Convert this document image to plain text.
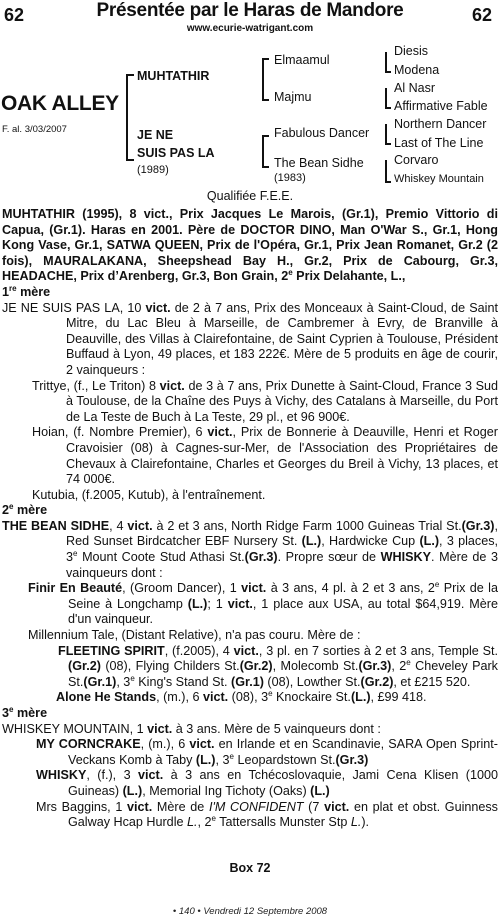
62	Présentée par le Haras de Mandore	62
www.ecurie-watrigant.com
OAK ALLEY
F. al. 3/03/2007
MUHTATHIR
JE NE
SUIS PAS LA
(1989)
Elmaamul
Majmu
Fabulous Dancer
The Bean Sidhe
(1983)
Diesis
Modena
Al Nasr
Affirmative Fable
Northern Dancer
Last of The Line
Corvaro
Whiskey Mountain
Qualifiée F.E.E.

MUHTATHIR (1995), 8 vict., Prix Jacques Le Marois, (Gr.1), Premio Vittorio di Capua, (Gr.1). Haras en 2001. Père de DOCTOR DINO, Man O'War S., Gr.1, Hong Kong Vase, Gr.1, SATWA QUEEN, Prix de l'Opéra, Gr.1, Prix Jean Romanet, Gr.2 (2 fois), MAURALAKANA, Sheepshead Bay H., Gr.2, Prix de Cabourg, Gr.3, HEADACHE, Prix d’Arenberg, Gr.3, Bon Grain, 2e Prix Delahante, L.,

1re mère

JE NE SUIS PAS LA, 10 vict. de 2 à 7 ans, Prix des Monceaux à Saint-Cloud, de Saint Mitre, du Lac Bleu à Marseille, de Cambremer à Evry, de Branville à Deauville, des Villas à Clairefontaine, de Saint Cyprien à Toulouse, Président Buffaud à Lyon, 49 places, et 183 222€. Mère de 5 produits en âge de courir, 2 vainqueurs :

Trittye, (f., Le Triton) 8 vict. de 3 à 7 ans, Prix Dunette à Saint-Cloud, France 3 Sud à Toulouse, de la Chaîne des Puys à Vichy, des Catalans à Marseille, du Port de La Teste de Buch à La Teste, 29 pl., et 96 900€.

Hoian, (f. Nombre Premier), 6 vict., Prix de Bonnerie à Deauville, Henri et Roger Cravoisier (08) à Cagnes-sur-Mer, de l'Association des Propriétaires de Chevaux à Clairefontaine, Charles et Georges du Breil à Vichy, 13 places, et 74 000€.

Kutubia, (f.2005, Kutub), à l'entraînement.

2e mère

THE BEAN SIDHE, 4 vict. à 2 et 3 ans, North Ridge Farm 1000 Guineas Trial St.(Gr.3), Red Sunset Birdcatcher EBF Nursery St. (L.), Hardwicke Cup (L.), 3 places, 3e Mount Coote Stud Athasi St.(Gr.3). Propre sœur de WHISKY. Mère de 3 vainqueurs dont :

Finir En Beauté, (Groom Dancer), 1 vict. à 3 ans, 4 pl. à 2 et 3 ans, 2e Prix de la Seine à Longchamp (L.); 1 vict., 1 place aux USA, au total $64,919. Mère d'un vainqueur.

Millennium Tale, (Distant Relative), n'a pas couru. Mère de :

FLEETING SPIRIT, (f.2005), 4 vict., 3 pl. en 7 sorties à 2 et 3 ans, Temple St. (Gr.2) (08), Flying Childers St.(Gr.2), Molecomb St.(Gr.3), 2e Cheveley Park St.(Gr.1), 3e King's Stand St. (Gr.1) (08), Lowther St.(Gr.2), et £215 520.

Alone He Stands, (m.), 6 vict. (08), 3e Knockaire St.(L.), £99 418.

3e mère

WHISKEY MOUNTAIN, 1 vict. à 3 ans. Mère de 5 vainqueurs dont :

MY CORNCRAKE, (m.), 6 vict. en Irlande et en Scandinavie, SARA Open Sprint-Veckans Komb à Taby (L.), 3e Leopardstown St.(Gr.3)

WHISKY, (f.), 3 vict. à 3 ans en Tchécoslovaquie, Jami Cena Klisen (1000 Guineas) (L.), Memorial Ing Tichoty (Oaks) (L.)

Mrs Baggins, 1 vict. Mère de I'M CONFIDENT (7 vict. en plat et obst. Guinness Galway Hcap Hurdle L., 2e Tattersalls Munster Stp L.).

Box 72
• 140 • Vendredi 12 Septembre 2008
